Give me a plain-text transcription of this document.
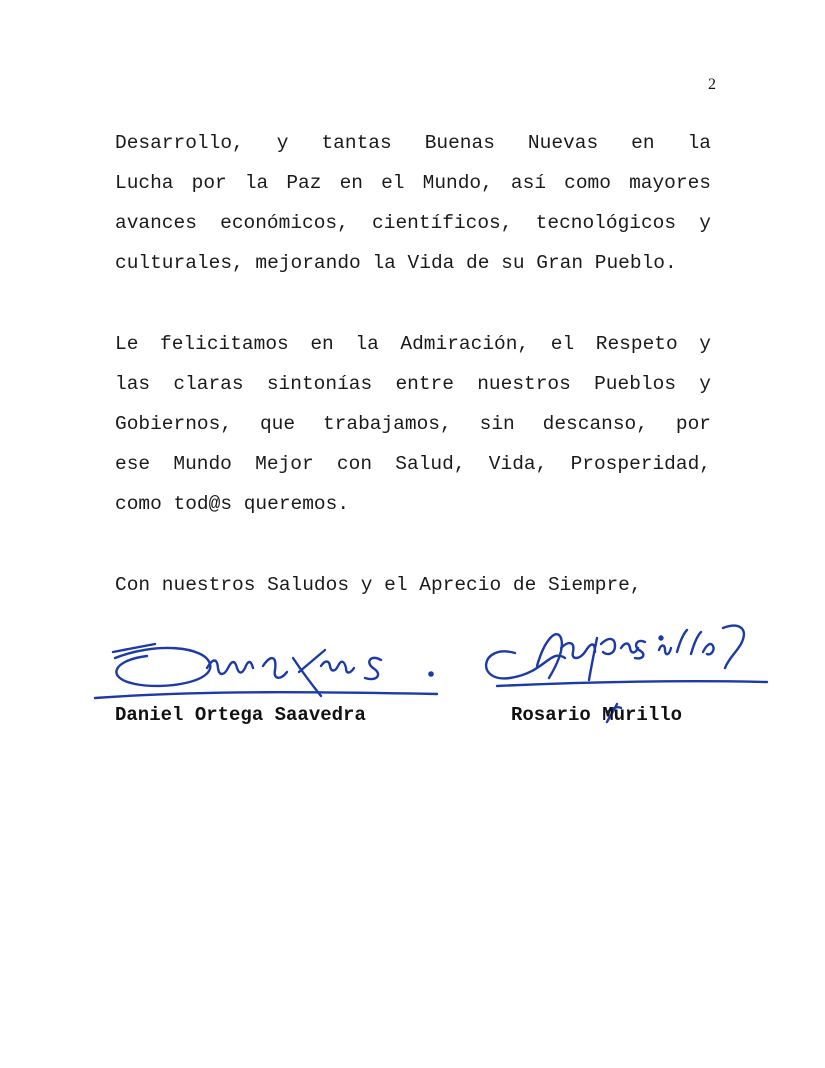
2

Desarrollo, y tantas Buenas Nuevas en la

Lucha por la Paz en el Mundo, así como mayores

avances económicos, científicos, tecnológicos y

culturales, mejorando la Vida de su Gran Pueblo.

Le felicitamos en la Admiración, el Respeto y

las claras sintonías entre nuestros Pueblos y

Gobiernos, que trabajamos, sin descanso, por

ese Mundo Mejor con Salud, Vida, Prosperidad,

como tod@s queremos.

Con nuestros Saludos y el Aprecio de Siempre,

Daniel Ortega Saavedra	Rosario Murillo
